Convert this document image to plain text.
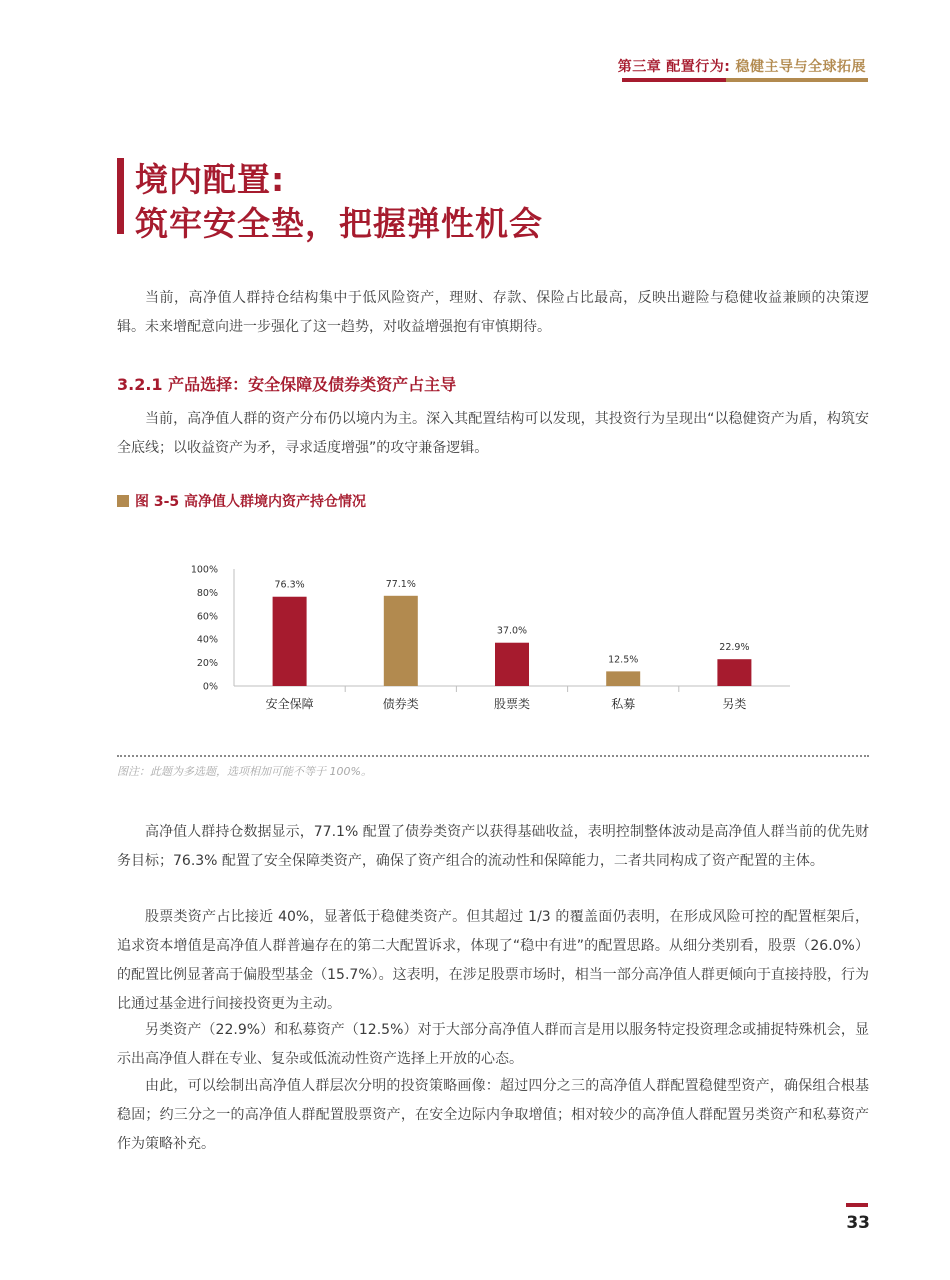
第三章 配置行为: 稳健主导与全球拓展
境内配置:
筑牢安全垫，把握弹性机会

当前，高净值人群持仓结构集中于低风险资产，理财、存款、保险占比最高，反映出避险与稳健收益兼顾的决策逻辑。未来增配意向进一步强化了这一趋势，对收益增强抱有审慎期待。

3.2.1 产品选择：安全保障及债券类资产占主导

当前，高净值人群的资产分布仍以境内为主。深入其配置结构可以发现，其投资行为呈现出“以稳健资产为盾，构筑安全底线；以收益资产为矛，寻求适度增强”的攻守兼备逻辑。

图 3-5 高净值人群境内资产持仓情况
0%
20%
40%
60%
80%
100%
76.3%
安全保障
77.1%
债券类
37.0%
股票类
12.5%
私募
22.9%
另类
图注：此题为多选题，选项相加可能不等于 100%。

高净值人群持仓数据显示，77.1% 配置了债券类资产以获得基础收益，表明控制整体波动是高净值人群当前的优先财务目标；76.3% 配置了安全保障类资产，确保了资产组合的流动性和保障能力，二者共同构成了资产配置的主体。

股票类资产占比接近 40%，显著低于稳健类资产。但其超过 1/3 的覆盖面仍表明，在形成风险可控的配置框架后，追求资本增值是高净值人群普遍存在的第二大配置诉求，体现了“稳中有进”的配置思路。从细分类别看，股票（26.0%）的配置比例显著高于偏股型基金（15.7%）。这表明，在涉足股票市场时，相当一部分高净值人群更倾向于直接持股，行为比通过基金进行间接投资更为主动。

另类资产（22.9%）和私募资产（12.5%）对于大部分高净值人群而言是用以服务特定投资理念或捕捉特殊机会，显示出高净值人群在专业、复杂或低流动性资产选择上开放的心态。

由此，可以绘制出高净值人群层次分明的投资策略画像：超过四分之三的高净值人群配置稳健型资产，确保组合根基稳固；约三分之一的高净值人群配置股票资产，在安全边际内争取增值；相对较少的高净值人群配置另类资产和私募资产作为策略补充。

33
